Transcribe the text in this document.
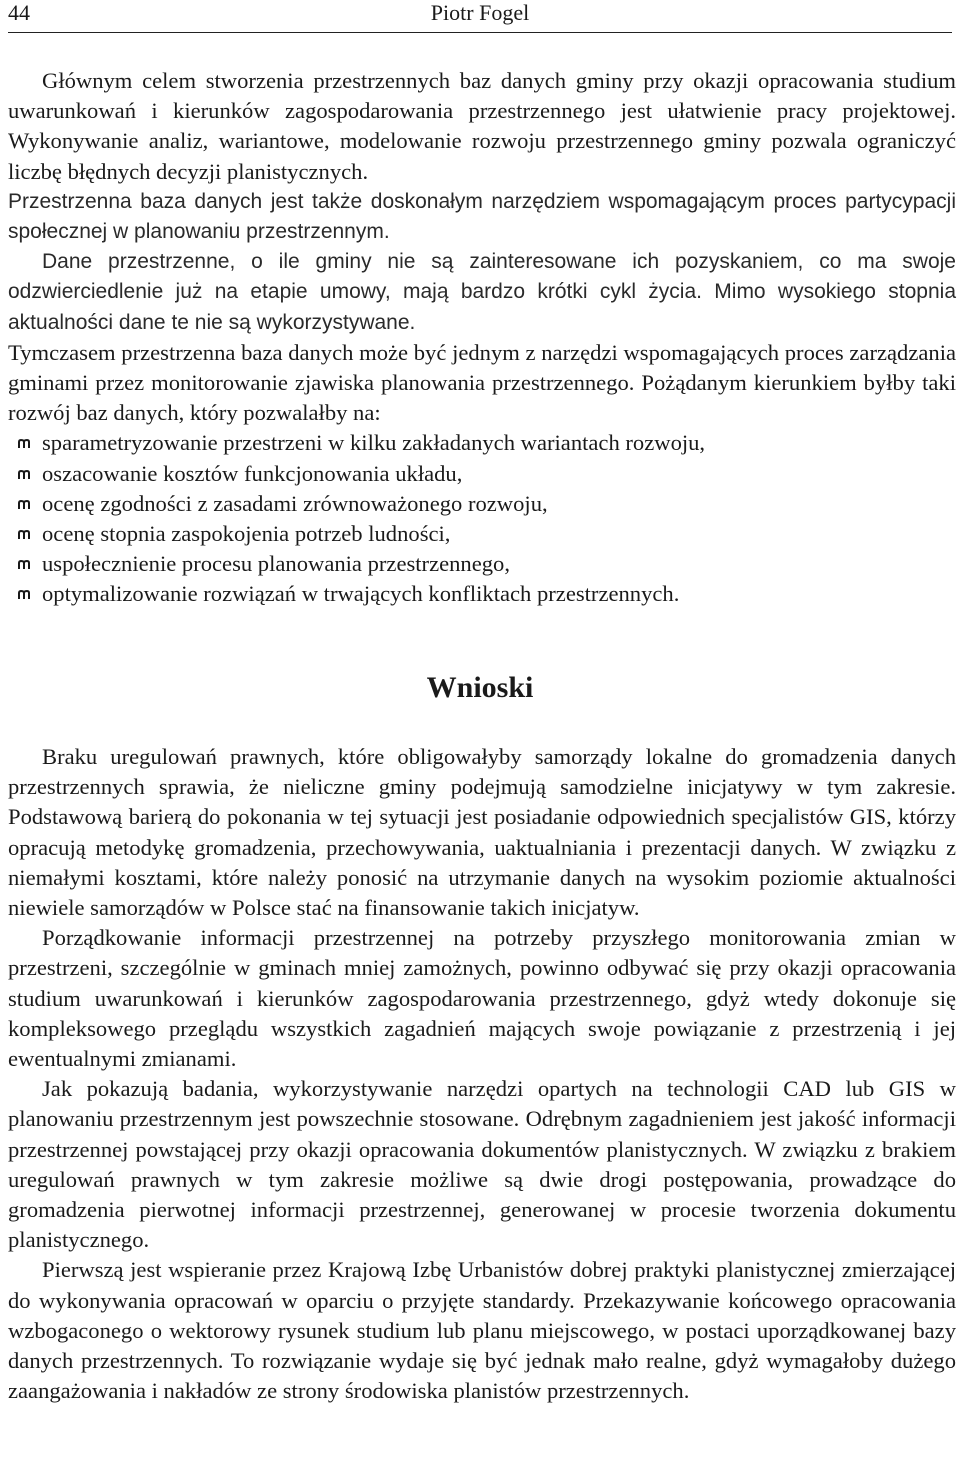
44	Piotr Fogel

Głównym celem stworzenia przestrzennych baz danych gminy przy okazji opracowania studium uwarunkowań i kierunków zagospodarowania przestrzennego jest ułatwienie pracy projektowej. Wykonywanie analiz, wariantowe, modelowanie rozwoju przestrzennego gminy pozwala ograniczyć liczbę błędnych decyzji planistycznych.

Przestrzenna baza danych jest także doskonałym narzędziem wspomagającym proces partycypacji społecznej w planowaniu przestrzennym.

Dane przestrzenne, o ile gminy nie są zainteresowane ich pozyskaniem, co ma swoje odzwierciedlenie już na etapie umowy, mają bardzo krótki cykl życia. Mimo wysokiego stopnia aktualności dane te nie są wykorzystywane.

Tymczasem przestrzenna baza danych może być jednym z narzędzi wspomagających proces zarządzania gminami przez monitorowanie zjawiska planowania przestrzennego. Pożądanym kierunkiem byłby taki rozwój baz danych, który pozwalałby na:

sparametryzowanie przestrzeni w kilku zakładanych wariantach rozwoju,
oszacowanie kosztów funkcjonowania układu,
ocenę zgodności z zasadami zrównoważonego rozwoju,
ocenę stopnia zaspokojenia potrzeb ludności,
uspołecznienie procesu planowania przestrzennego,
optymalizowanie rozwiązań w trwających konfliktach przestrzennych.
Wnioski

Braku uregulowań prawnych, które obligowałyby samorządy lokalne do gromadzenia danych przestrzennych sprawia, że nieliczne gminy podejmują samodzielne inicjatywy w tym zakresie. Podstawową barierą do pokonania w tej sytuacji jest posiadanie odpowiednich specjalistów GIS, którzy opracują metodykę gromadzenia, przechowywania, uaktualniania i prezentacji danych. W związku z niemałymi kosztami, które należy ponosić na utrzymanie danych na wysokim poziomie aktualności niewiele samorządów w Polsce stać na finansowanie takich inicjatyw.

Porządkowanie informacji przestrzennej na potrzeby przyszłego monitorowania zmian w przestrzeni, szczególnie w gminach mniej zamożnych, powinno odbywać się przy okazji opracowania studium uwarunkowań i kierunków zagospodarowania przestrzennego, gdyż wtedy dokonuje się kompleksowego przeglądu wszystkich zagadnień mających swoje powiązanie z przestrzenią i jej ewentualnymi zmianami.

Jak pokazują badania, wykorzystywanie narzędzi opartych na technologii CAD lub GIS w planowaniu przestrzennym jest powszechnie stosowane. Odrębnym zagadnieniem jest jakość informacji przestrzennej powstającej przy okazji opracowania dokumentów planistycznych. W związku z brakiem uregulowań prawnych w tym zakresie możliwe są dwie drogi postępowania, prowadzące do gromadzenia pierwotnej informacji przestrzennej, generowanej w procesie tworzenia dokumentu planistycznego.

Pierwszą jest wspieranie przez Krajową Izbę Urbanistów dobrej praktyki planistycznej zmierzającej do wykonywania opracowań w oparciu o przyjęte standardy. Przekazywanie końcowego opracowania wzbogaconego o wektorowy rysunek studium lub planu miejscowego, w postaci uporządkowanej bazy danych przestrzennych. To rozwiązanie wydaje się być jednak mało realne, gdyż wymagałoby dużego zaangażowania i nakładów ze strony środowiska planistów przestrzennych.
